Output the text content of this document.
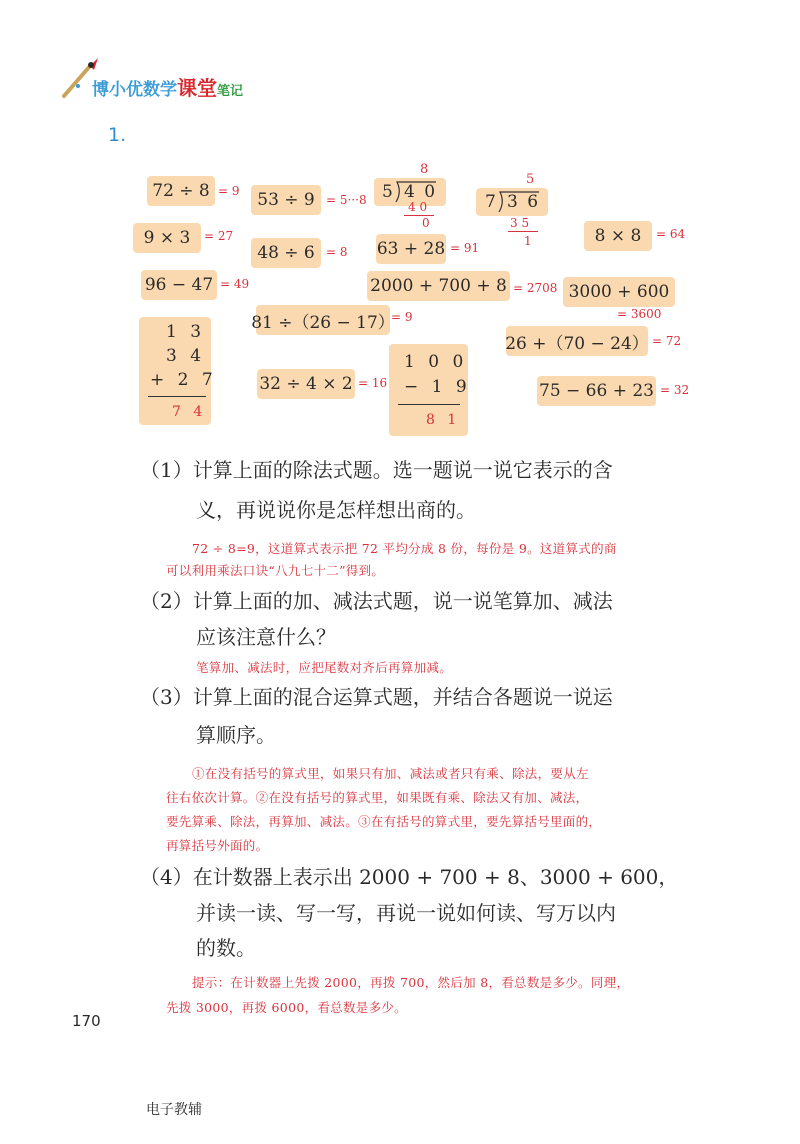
博小优数学课堂笔记
1.
72 ÷ 8 = 9	53 ÷ 9 = 5···8 5 4 0
8
4 0
0
7 3 6
5
3 5
1
9 × 3	= 27
48 ÷ 6 = 8 63 + 28 = 91
8 × 8	= 64
96 − 47 = 49	2000 + 700 + 8 = 2708 3000 + 600
= 3600
81 ÷（26 − 17）
= 9
26 +（70 − 24） = 72
1 3
3 4
+ 2 7
7 4
32 ÷ 4 × 2 = 16
1 0 0
− 1 9
8 1
75 − 66 + 23 = 32
（1）计算上面的除法式题。选一题说一说它表示的含
义，再说说你是怎样想出商的。
72 ÷ 8=9，这道算式表示把 72 平均分成 8 份，每份是 9。这道算式的商
可以利用乘法口诀“八九七十二”得到。
（2）计算上面的加、减法式题，说一说笔算加、减法
应该注意什么？
笔算加、减法时，应把尾数对齐后再算加减。
（3）计算上面的混合运算式题，并结合各题说一说运
算顺序。
①在没有括号的算式里，如果只有加、减法或者只有乘、除法，要从左
往右依次计算。②在没有括号的算式里，如果既有乘、除法又有加、减法，
要先算乘、除法，再算加、减法。③在有括号的算式里，要先算括号里面的，
再算括号外面的。
（4）在计数器上表示出 2000 + 700 + 8、3000 + 600，
并读一读、写一写，再说一说如何读、写万以内
的数。
提示：在计数器上先拨 2000，再拨 700，然后加 8，看总数是多少。同理，
先拨 3000，再拨 6000，看总数是多少。
170
电子教辅
